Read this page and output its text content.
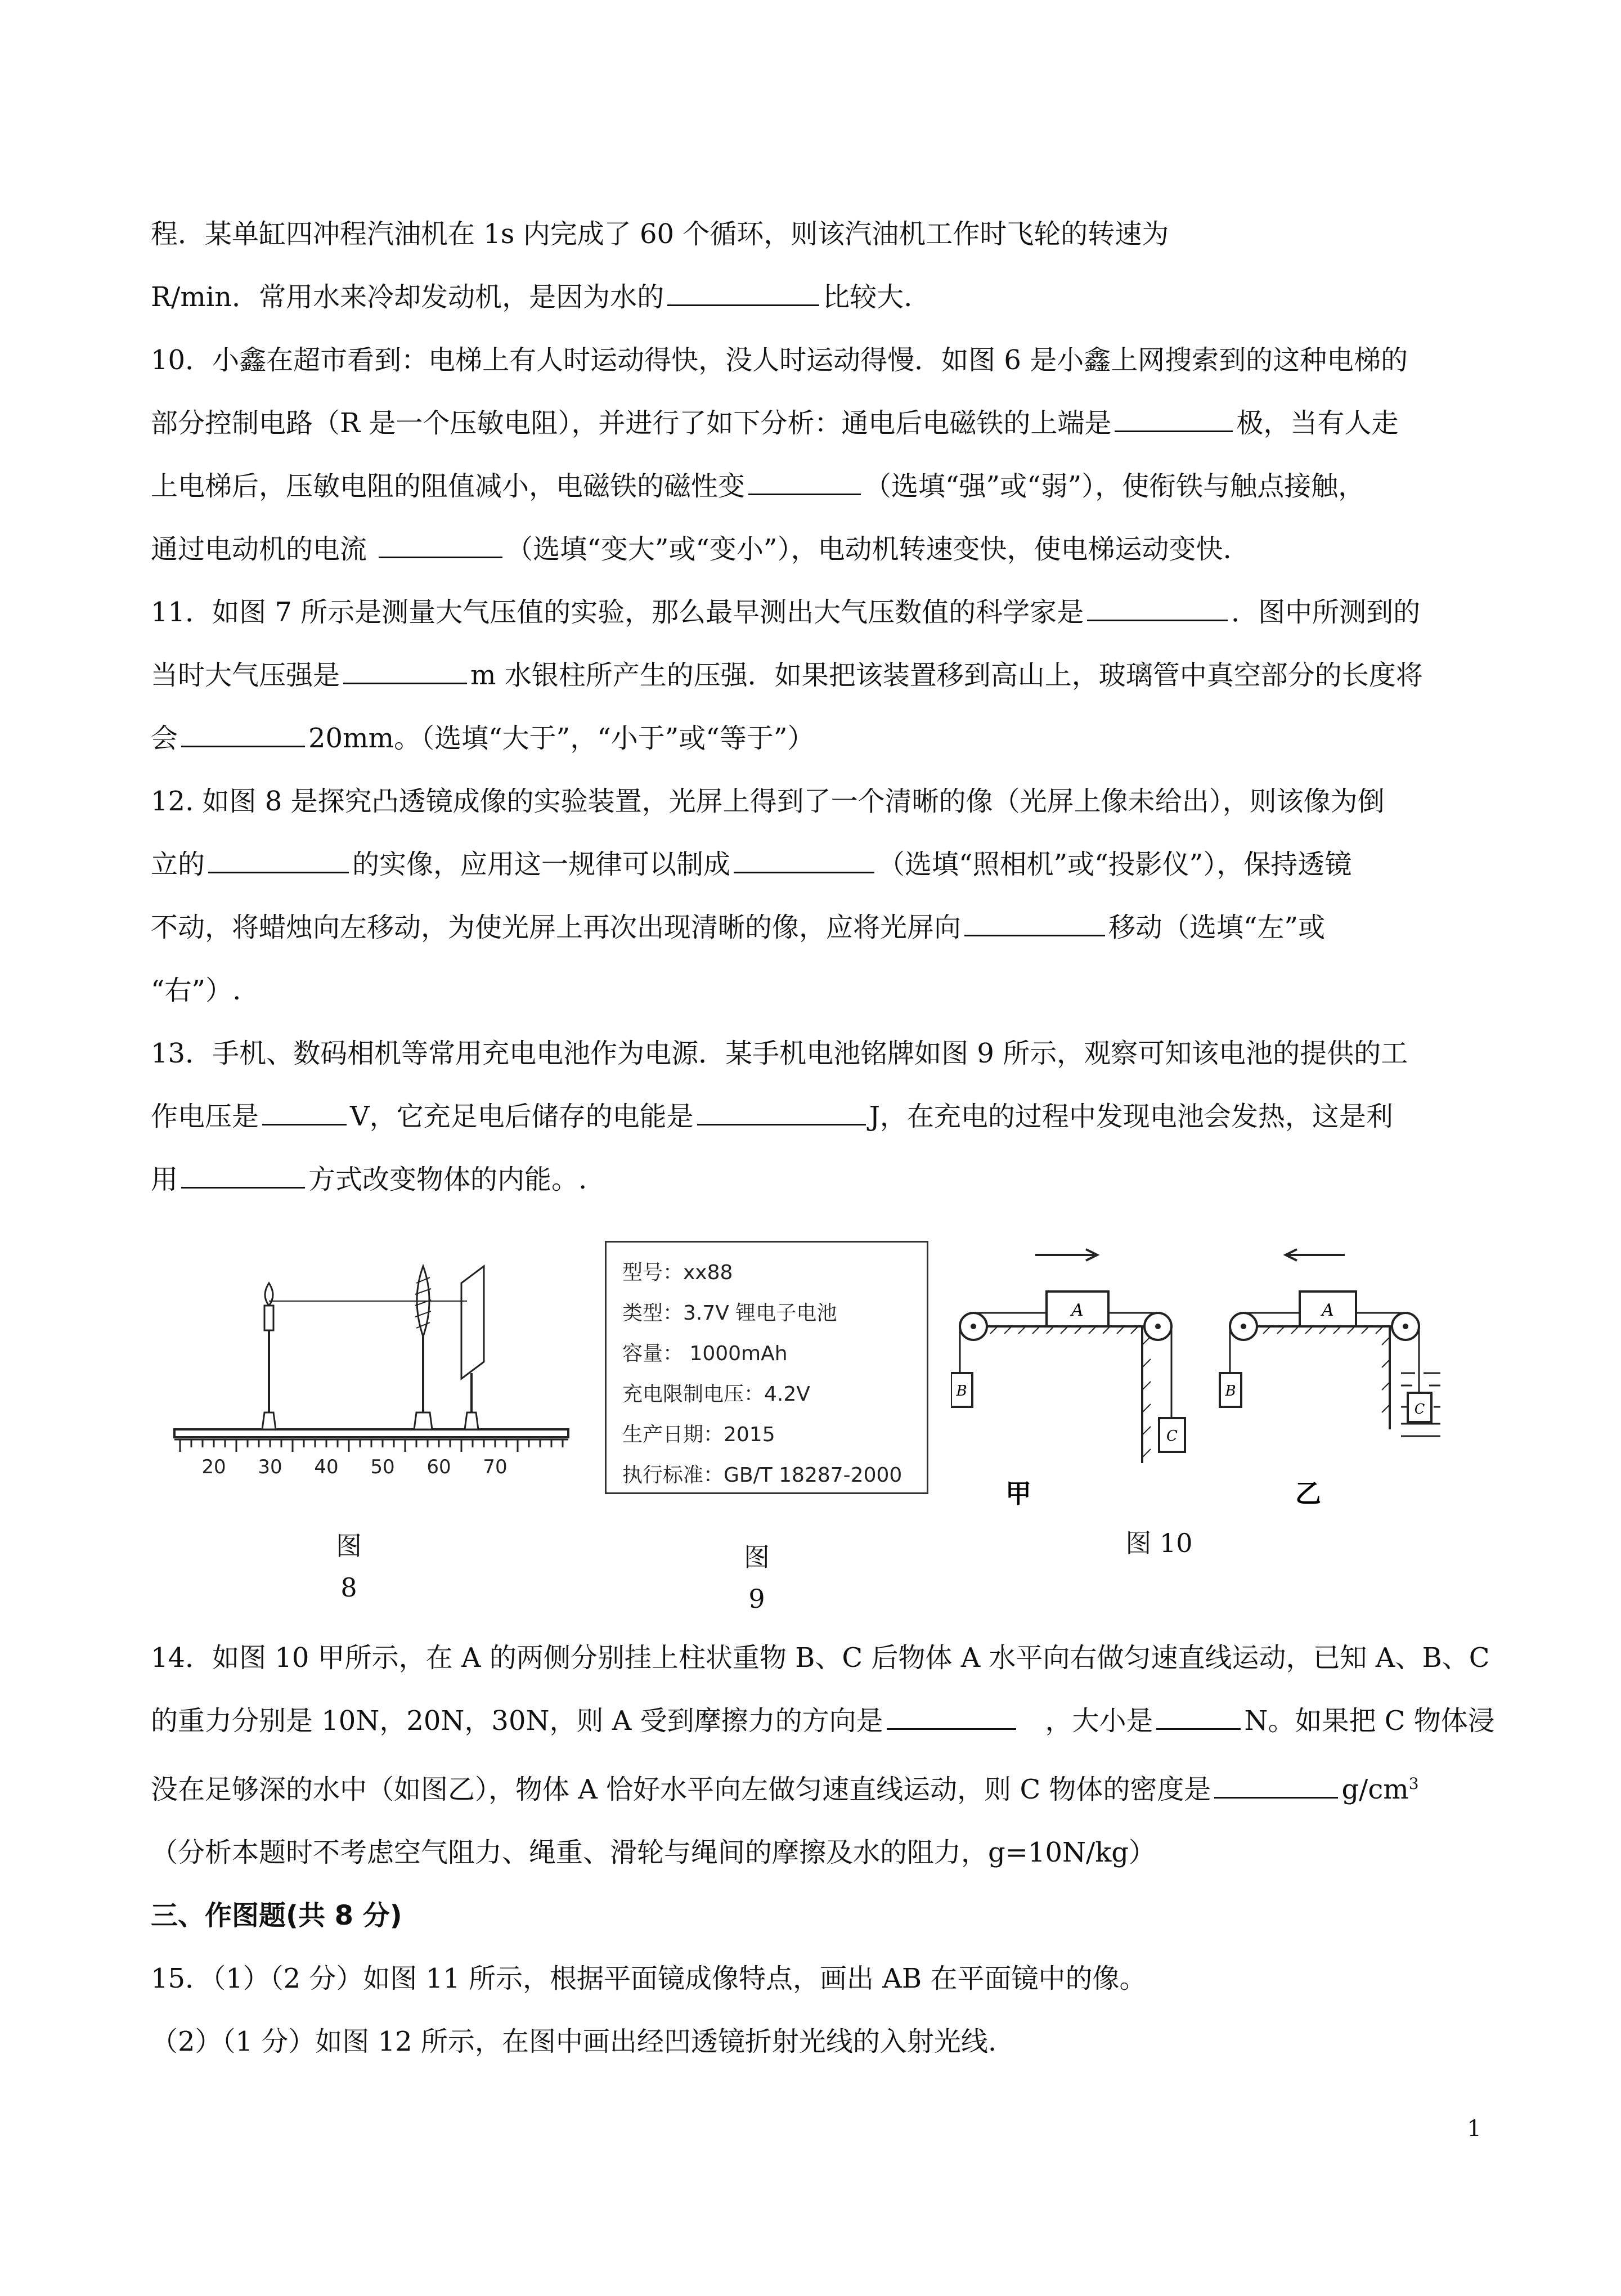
程．某单缸四冲程汽油机在 1s 内完成了 60 个循环，则该汽油机工作时飞轮的转速为

R/min．常用水来冷却发动机，是因为水的	比较大.

10．小鑫在超市看到：电梯上有人时运动得快，没人时运动得慢．如图 6 是小鑫上网搜索到的这种电梯的

部分控制电路（R 是一个压敏电阻），并进行了如下分析：通电后电磁铁的上端是	极，当有人走

上电梯后，压敏电阻的阻值减小，电磁铁的磁性变	（选填“强”或“弱”），使衔铁与触点接触，

通过电动机的电流	（选填“变大”或“变小”），电动机转速变快，使电梯运动变快.

11．如图 7 所示是测量大气压值的实验，那么最早测出大气压数值的科学家是	．图中所测到的

当时大气压强是	m 水银柱所产生的压强．如果把该装置移到高山上，玻璃管中真空部分的长度将

会	20mm。（选填“大于”，“小于”或“等于”）

12. 如图 8 是探究凸透镜成像的实验装置，光屏上得到了一个清晰的像（光屏上像未给出），则该像为倒

立的	的实像，应用这一规律可以制成	（选填“照相机”或“投影仪”），保持透镜

不动，将蜡烛向左移动，为使光屏上再次出现清晰的像，应将光屏向	移动（选填“左”或

“右”）.

13．手机、数码相机等常用充电电池作为电源．某手机电池铭牌如图 9 所示，观察可知该电池的提供的工

作电压是	V，它充足电后储存的电能是	J，在充电的过程中发现电池会发热，这是利

用	方式改变物体的内能。.

20 30 40 50 60 70
图
8
型号：xx88
类型：3.7V 锂电子电池
容量： 1000mAh
充电限制电压：4.2V
生产日期：2015
执行标准：GB/T 18287-2000
图
9
A
B
C
甲
A
B
C
乙
图 10

14．如图 10 甲所示，在 A 的两侧分别挂上柱状重物 B、C 后物体 A 水平向右做匀速直线运动，已知 A、B、C

的重力分别是 10N，20N，30N，则 A 受到摩擦力的方向是	，大小是	N。如果把 C 物体浸

没在足够深的水中（如图乙），物体 A 恰好水平向左做匀速直线运动，则 C 物体的密度是	$g/cm^3$

（分析本题时不考虑空气阻力、绳重、滑轮与绳间的摩擦及水的阻力，g=10N/kg）

三、作图题(共 8 分)

15．（1）（2 分）如图 11 所示，根据平面镜成像特点，画出 AB 在平面镜中的像。

（2）（1 分）如图 12 所示，在图中画出经凹透镜折射光线的入射光线.

1
